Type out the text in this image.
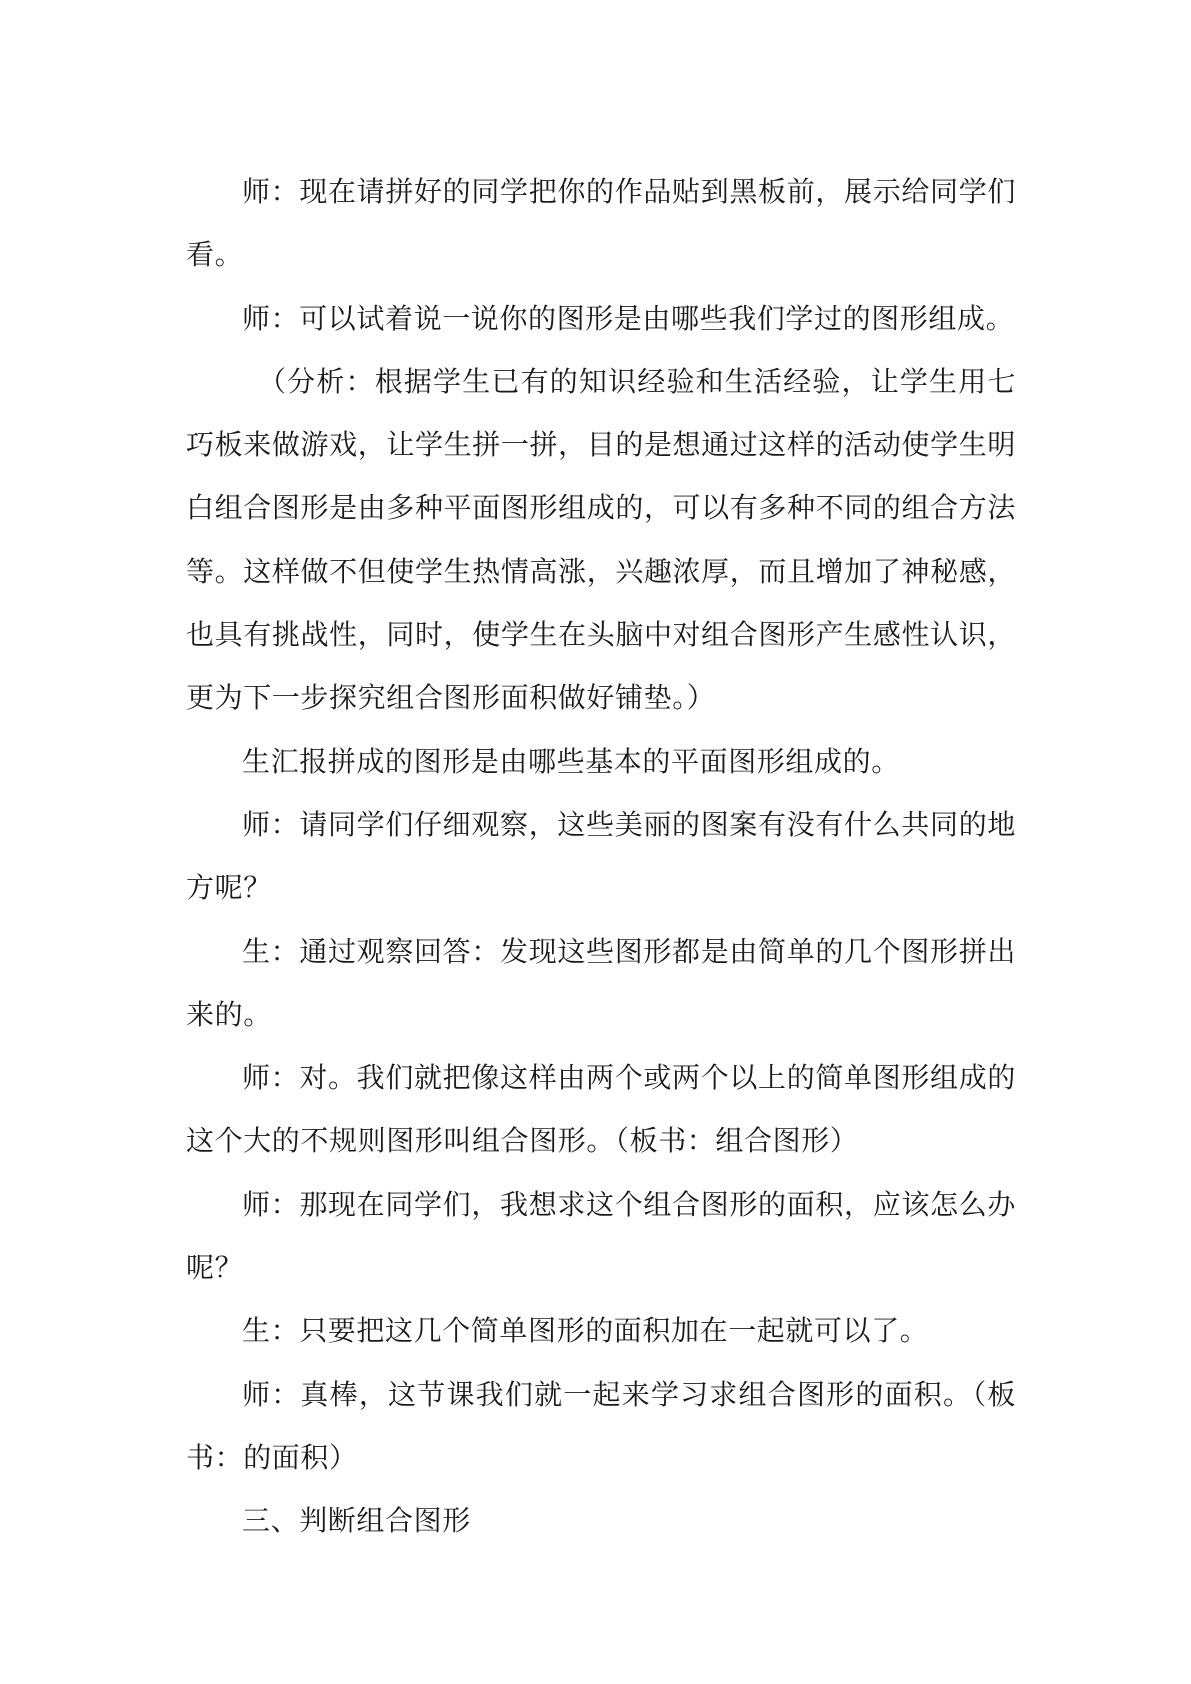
师：现在请拼好的同学把你的作品贴到黑板前，展示给同学们看。

师：可以试着说一说你的图形是由哪些我们学过的图形组成。

（分析：根据学生已有的知识经验和生活经验，让学生用七巧板来做游戏，让学生拼一拼，目的是想通过这样的活动使学生明白组合图形是由多种平面图形组成的，可以有多种不同的组合方法等。这样做不但使学生热情高涨，兴趣浓厚，而且增加了神秘感，也具有挑战性，同时，使学生在头脑中对组合图形产生感性认识，更为下一步探究组合图形面积做好铺垫。）

生汇报拼成的图形是由哪些基本的平面图形组成的。

师：请同学们仔细观察，这些美丽的图案有没有什么共同的地方呢？

生：通过观察回答：发现这些图形都是由简单的几个图形拼出来的。

师：对。我们就把像这样由两个或两个以上的简单图形组成的这个大的不规则图形叫组合图形。（板书：组合图形）

师：那现在同学们，我想求这个组合图形的面积，应该怎么办呢？

生：只要把这几个简单图形的面积加在一起就可以了。

师：真棒，这节课我们就一起来学习求组合图形的面积。（板书：的面积）

三、判断组合图形
